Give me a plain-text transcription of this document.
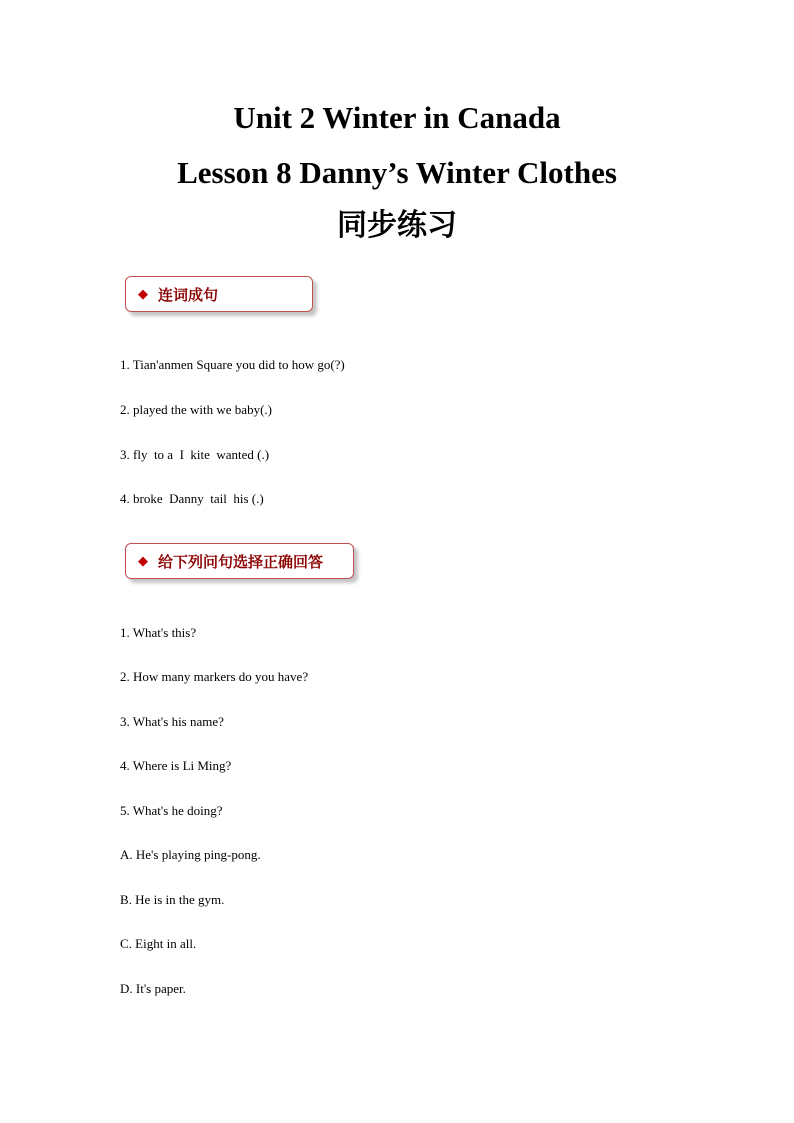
Unit 2 Winter in Canada
Lesson 8 Danny’s Winter Clothes
同步练习
◆ 连词成句

1. Tian'anmen Square you did to how go(?)

2. played the with we baby(.)

3. fly  to a  I  kite  wanted (.)

4. broke  Danny  tail  his (.)

◆ 给下列问句选择正确回答

1. What's this?

2. How many markers do you have?

3. What's his name?

4. Where is Li Ming?

5. What's he doing?

A. He's playing ping-pong.

B. He is in the gym.

C. Eight in all.

D. It's paper.
